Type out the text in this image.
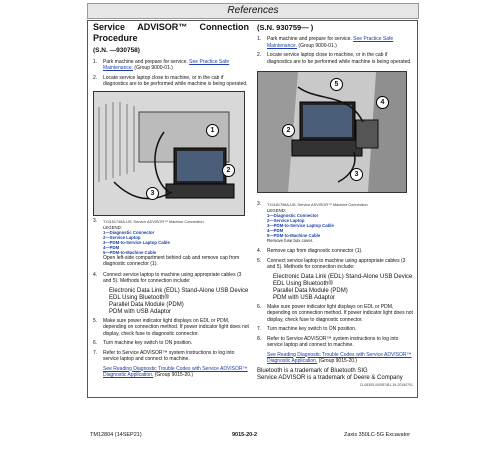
References
Service ADVISOR™ Connection
Procedure
(S.N. —930758)
1.	Park machine and prepare for service. See Practice Safe Maintenance. (Group 9000-01.)
2.	Locate service laptop close to machine, or in the cab if diagnostics are to be performed while machine is being operated.
1
2
3
3.	TX1151746A-US: Service ADVISOR™ Machine Connection
LEGEND:
1—Diagnostic Connector
2—Service Laptop
3—PDM-to-Service Laptop Cable
4—PDM
5—PDM-to-Machine Cable
Open left-side compartment behind cab and remove cap from diagnostic connector (1).
4.	Connect service laptop to machine using appropriate cables (3 and 5). Methods for connection include:
Electronic Data Link (EDL) Stand-Alone USB Device
EDL Using Bluetooth®
Parallel Data Module (PDM)
PDM with USB Adaptor
5.	Make sure power indicator light displays on EDL or PDM, depending on connection method. If power indicator light does not display, check fuse to diagnostic connector.
6.	Turn machine key switch to ON position.
7.	Refer to Service ADVISOR™ system instructions to log into service laptop and connect to machine.
See Reading Diagnostic Trouble Codes with Service ADVISOR™ Diagnostic Application. (Group 9015-20.)
(S.N. 930759— )
1.	Park machine and prepare for service. See Practice Safe Maintenance. (Group 9000-01.)
2.	Locate service laptop close to machine, or in the cab if diagnostics are to be performed while machine is being operated.
5
4
2
3
3.	TX1181798A-US: Service ADVISOR™ Machine Connection
LEGEND:
1—Diagnostic Connector
2—Service Laptop
3—PDM-to-Service Laptop Cable
4—PDM
5—PDM-to-Machine Cable
Remove fuse box cover.
4.	Remove cap from diagnostic connector (1).
5.	Connect service laptop to machine using appropriate cables (3 and 5). Methods for connection include:
Electronic Data Link (EDL) Stand-Alone USB Device
EDL Using Bluetooth®
Parallel Data Module (PDM)
PDM with USB Adaptor
6.	Make sure power indicator light displays on EDL or PDM, depending on connection method. If power indicator light does not display, check fuse to diagnostic connector.
7.	Turn machine key switch to ON position.
8.	Refer to Service ADVISOR™ system instructions to log into service laptop and connect to machine.
See Reading Diagnostic Trouble Codes with Service ADVISOR™ Diagnostic Application. (Group 9015-20.)
Bluetooth is a trademark of Bluetooth SIG
Service ADVISOR is a trademark of Deere & Company
CL05305,0000F1B1-19-20150701
TM12804 (14SEP21)	9015-20-2	Zaxis 350LC-5G Excavator
